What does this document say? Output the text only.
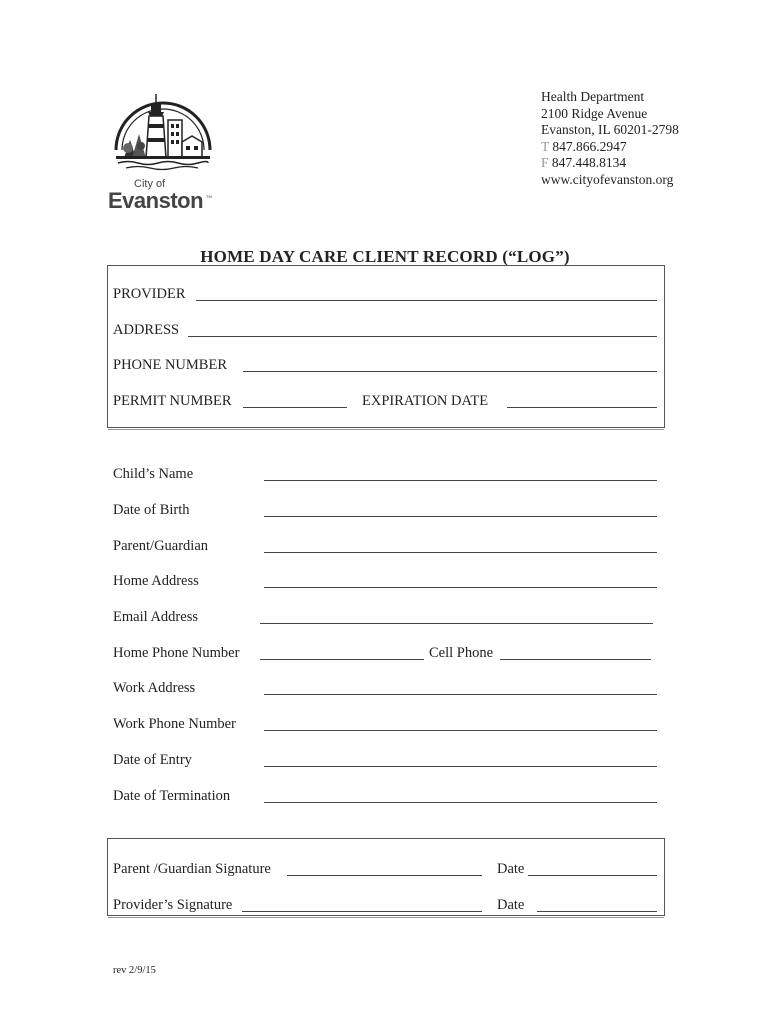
City of
Evanston TM
Health Department
2100 Ridge Avenue
Evanston, IL 60201-2798
T 847.866.2947
F 847.448.8134
www.cityofevanston.org
HOME DAY CARE CLIENT RECORD (“LOG”)
PROVIDER
ADDRESS
PHONE NUMBER
PERMIT NUMBER	EXPIRATION DATE
Child’s Name
Date of Birth
Parent/Guardian
Home Address
Email Address
Home Phone Number	Cell Phone
Work Address
Work Phone Number
Date of Entry
Date of Termination
Parent /Guardian Signature	Date
Provider’s Signature	Date
rev 2/9/15
